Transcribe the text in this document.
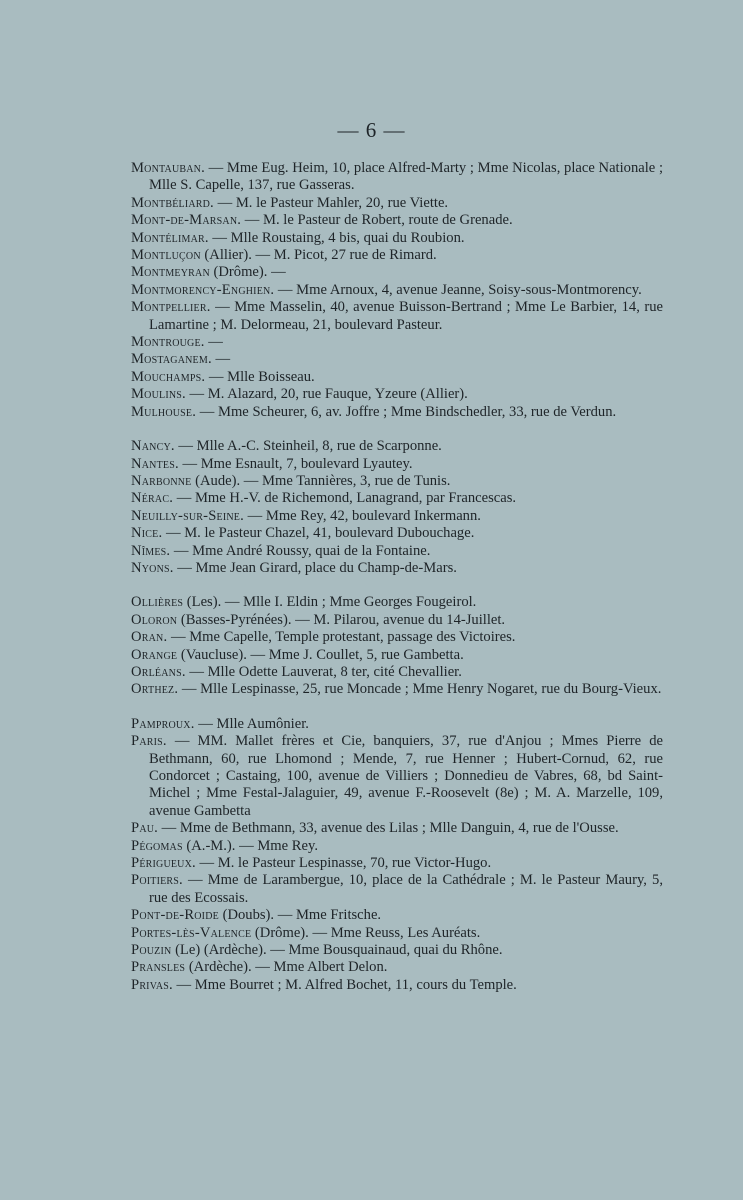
— 6 —
Montauban. — Mme Eug. Heim, 10, place Alfred-Marty ; Mme Nicolas, place Nationale ; Mlle S. Capelle, 137, rue Gasseras.
Montbéliard. — M. le Pasteur Mahler, 20, rue Viette.
Mont-de-Marsan. — M. le Pasteur de Robert, route de Grenade.
Montélimar. — Mlle Roustaing, 4 bis, quai du Roubion.
Montluçon (Allier). — M. Picot, 27 rue de Rimard.
Montmeyran (Drôme). —
Montmorency-Enghien. — Mme Arnoux, 4, avenue Jeanne, Soisy-sous-Montmorency.
Montpellier. — Mme Masselin, 40, avenue Buisson-Bertrand ; Mme Le Barbier, 14, rue Lamartine ; M. Delormeau, 21, boulevard Pasteur.
Montrouge. —
Mostaganem. —
Mouchamps. — Mlle Boisseau.
Moulins. — M. Alazard, 20, rue Fauque, Yzeure (Allier).
Mulhouse. — Mme Scheurer, 6, av. Joffre ; Mme Bindschedler, 33, rue de Verdun.
Nancy. — Mlle A.-C. Steinheil, 8, rue de Scarponne.
Nantes. — Mme Esnault, 7, boulevard Lyautey.
Narbonne (Aude). — Mme Tannières, 3, rue de Tunis.
Nérac. — Mme H.-V. de Richemond, Lanagrand, par Francescas.
Neuilly-sur-Seine. — Mme Rey, 42, boulevard Inkermann.
Nice. — M. le Pasteur Chazel, 41, boulevard Dubouchage.
Nîmes. — Mme André Roussy, quai de la Fontaine.
Nyons. — Mme Jean Girard, place du Champ-de-Mars.
Ollières (Les). — Mlle I. Eldin ; Mme Georges Fougeirol.
Oloron (Basses-Pyrénées). — M. Pilarou, avenue du 14-Juillet.
Oran. — Mme Capelle, Temple protestant, passage des Victoires.
Orange (Vaucluse). — Mme J. Coullet, 5, rue Gambetta.
Orléans. — Mlle Odette Lauverat, 8 ter, cité Chevallier.
Orthez. — Mlle Lespinasse, 25, rue Moncade ; Mme Henry Nogaret, rue du Bourg-Vieux.
Pamproux. — Mlle Aumônier.
Paris. — MM. Mallet frères et Cie, banquiers, 37, rue d'Anjou ; Mmes Pierre de Bethmann, 60, rue Lhomond ; Mende, 7, rue Henner ; Hubert-Cornud, 62, rue Condorcet ; Castaing, 100, avenue de Villiers ; Donnedieu de Vabres, 68, bd Saint-Michel ; Mme Festal-Jalaguier, 49, avenue F.-Roosevelt (8e) ; M. A. Marzelle, 109, avenue Gambetta
Pau. — Mme de Bethmann, 33, avenue des Lilas ; Mlle Danguin, 4, rue de l'Ousse.
Pégomas (A.-M.). — Mme Rey.
Périgueux. — M. le Pasteur Lespinasse, 70, rue Victor-Hugo.
Poitiers. — Mme de Larambergue, 10, place de la Cathédrale ; M. le Pasteur Maury, 5, rue des Ecossais.
Pont-de-Roide (Doubs). — Mme Fritsche.
Portes-lès-Valence (Drôme). — Mme Reuss, Les Auréats.
Pouzin (Le) (Ardèche). — Mme Bousquainaud, quai du Rhône.
Pransles (Ardèche). — Mme Albert Delon.
Privas. — Mme Bourret ; M. Alfred Bochet, 11, cours du Temple.
